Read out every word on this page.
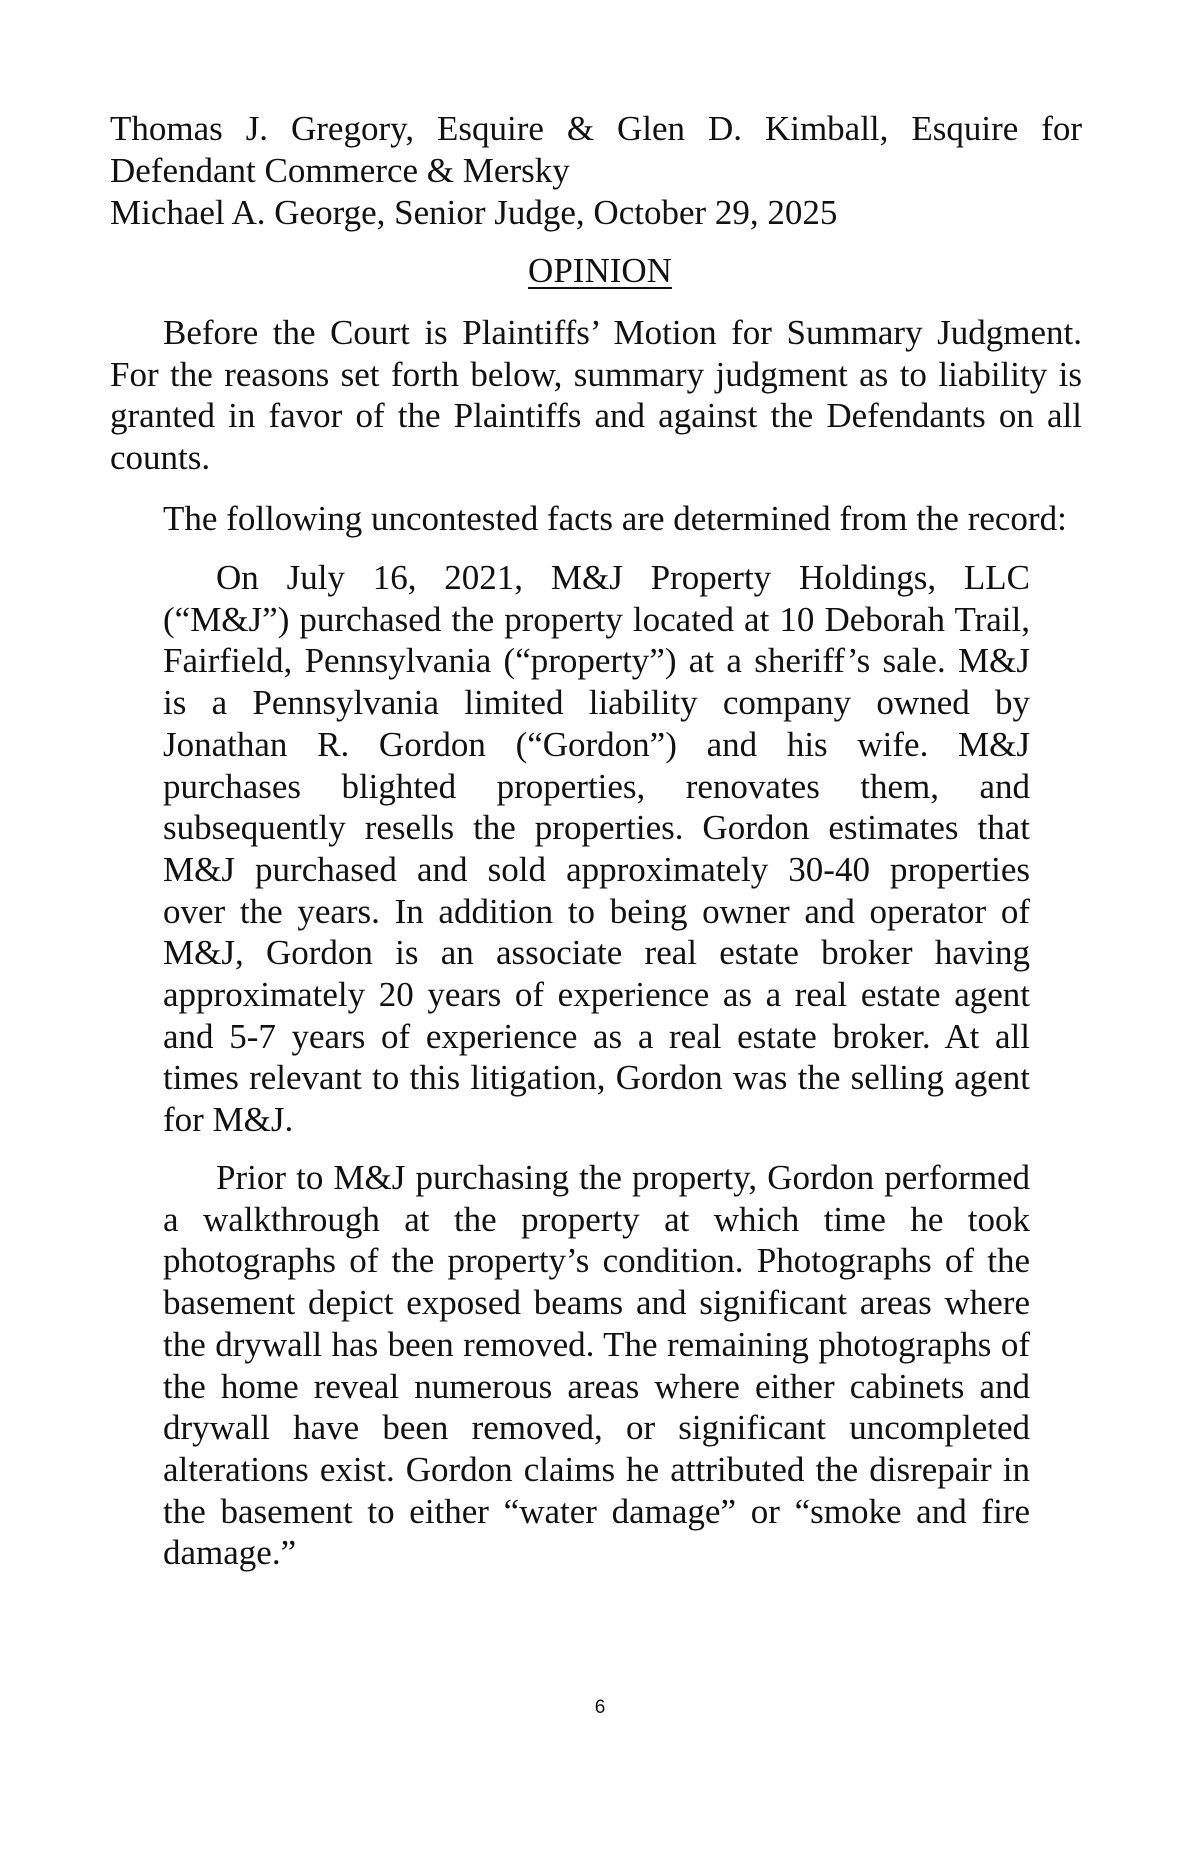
Thomas J. Gregory, Esquire & Glen D. Kimball, Esquire for
Defendant Commerce & Mersky
Michael A. George, Senior Judge, October 29, 2025
OPINION

Before the Court is Plaintiffs’ Motion for Summary Judgment. For the reasons set forth below, summary judgment as to liability is granted in favor of the Plaintiffs and against the Defendants on all counts.

The following uncontested facts are determined from the record:

On July 16, 2021, M&J Property Holdings, LLC (“M&J”) purchased the property located at 10 Deborah Trail, Fairfield, Pennsylvania (“property”) at a sheriff’s sale. M&J is a Pennsylvania limited liability company owned by Jonathan R. Gordon (“Gordon”) and his wife. M&J purchases blighted properties, renovates them, and subsequently resells the properties. Gordon estimates that M&J purchased and sold approximately 30-40 properties over the years. In addition to being owner and operator of M&J, Gordon is an associate real estate broker having approximately 20 years of experience as a real estate agent and 5-7 years of experience as a real estate broker. At all times relevant to this litigation, Gordon was the selling agent for M&J.

Prior to M&J purchasing the property, Gordon performed a walkthrough at the property at which time he took photographs of the property’s condition. Photographs of the basement depict exposed beams and significant areas where the drywall has been removed. The remaining photographs of the home reveal numerous areas where either cabinets and drywall have been removed, or significant uncompleted alterations exist. Gordon claims he attributed the disrepair in the basement to either “water damage” or “smoke and fire damage.”

6
